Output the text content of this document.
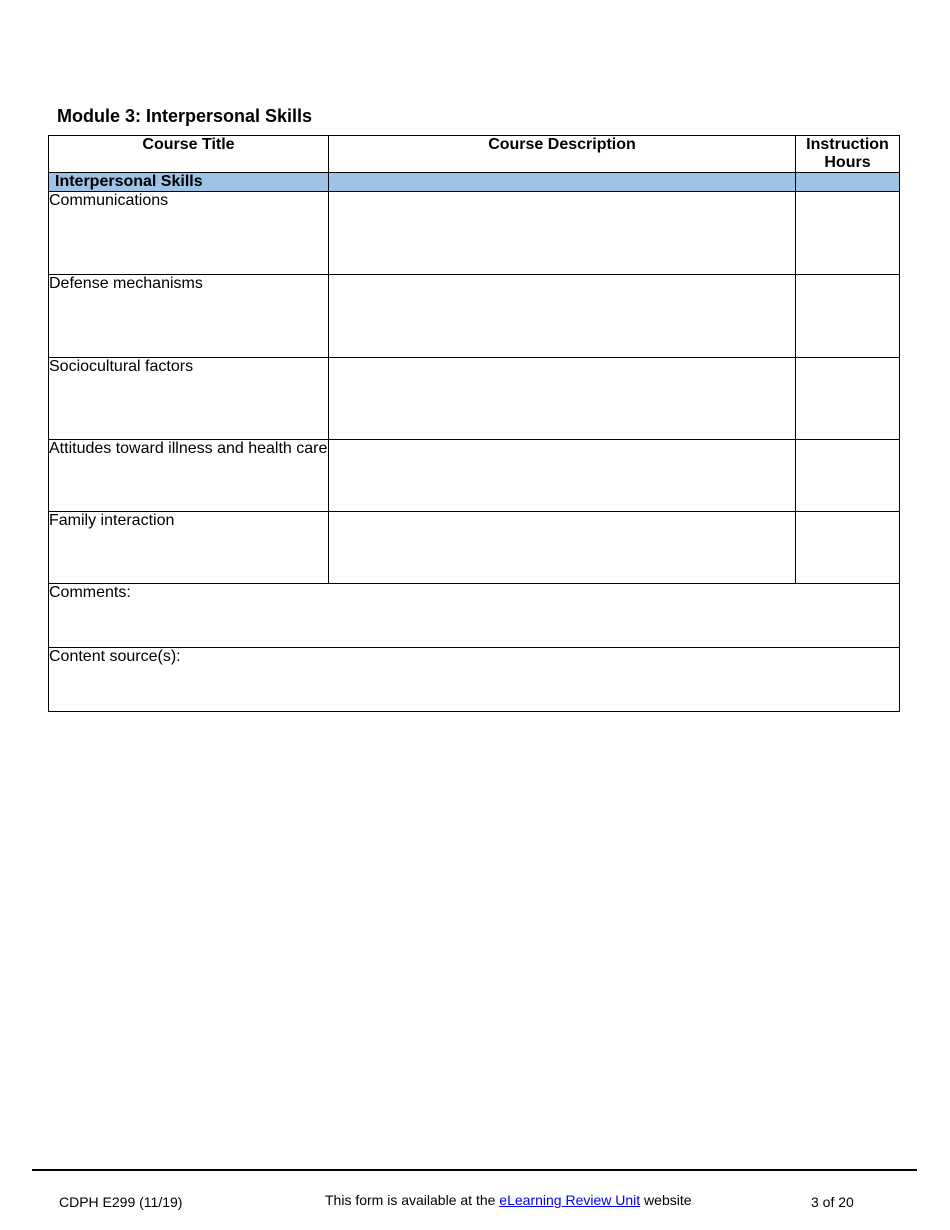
Module 3: Interpersonal Skills
Course Title	Course Description	Instruction
Hours
Interpersonal Skills		
Communications		
Defense mechanisms		
Sociocultural factors		
Attitudes toward illness and health care		
Family interaction		
Comments:		
Content source(s):		
CDPH E299 (11/19)	This form is available at the eLearning Review Unit website	3 of 20
